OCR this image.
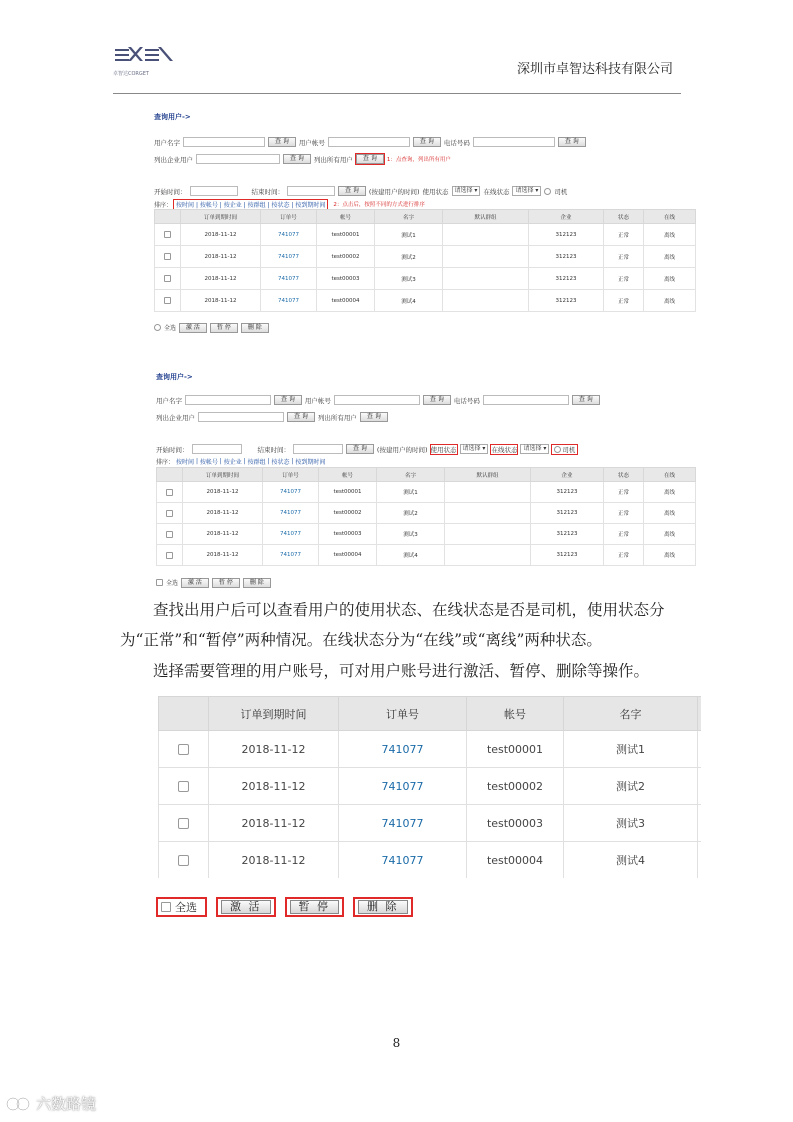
卓智达CORGET	深圳市卓智达科技有限公司
查询用户->
用户名字	查 询	用户帐号	查 询	电话号码	查 询
列出企业用户	查 询	列出所有用户	查 询	1：点查询，列出所有用户
开始时间：	结束时间：	查 询	(按建用户的时间) 使用状态	请选择 ▾ 在线状态	请选择 ▾	司机
排序： 按时间 | 按帐号 | 按企业 | 按群组 | 按状态 | 按到期时间	2：点击后，按照不同的方式进行排序
	订单到期时间	订单号	帐号	名字	默认群组	企业	状态	在线
	2018-11-12	741077	test00001	测试1		312123	正常	离线
	2018-11-12	741077	test00002	测试2		312123	正常	离线
	2018-11-12	741077	test00003	测试3		312123	正常	离线
	2018-11-12	741077	test00004	测试4		312123	正常	离线
全选	激 活	暂 停	删 除
查询用户->
用户名字	查 询	用户帐号	查 询	电话号码	查 询
列出企业用户	查 询	列出所有用户	查 询
开始时间：	结束时间：	查 询	(按建用户的时间) 使用状态	请选择 ▾ 在线状态	请选择 ▾	司机
排序： 按时间 | 按帐号 | 按企业 | 按群组 | 按状态 | 按到期时间
	订单到期时间	订单号	帐号	名字	默认群组	企业	状态	在线
	2018-11-12	741077	test00001	测试1		312123	正常	离线
	2018-11-12	741077	test00002	测试2		312123	正常	离线
	2018-11-12	741077	test00003	测试3		312123	正常	离线
	2018-11-12	741077	test00004	测试4		312123	正常	离线
全选	激 活	暂 停	删 除
查找出用户后可以查看用户的使用状态、在线状态是否是司机，使用状态分
为“正常”和“暂停”两种情况。在线状态分为“在线”或“离线”两种状态。
选择需要管理的用户账号，可对用户账号进行激活、暂停、删除等操作。
	订单到期时间	订单号	帐号	名字	
	2018-11-12	741077	test00001	测试1	
	2018-11-12	741077	test00002	测试2	
	2018-11-12	741077	test00003	测试3	
	2018-11-12	741077	test00004	测试4	
全选	激 活	暂 停	删 除
8
六数路镜
